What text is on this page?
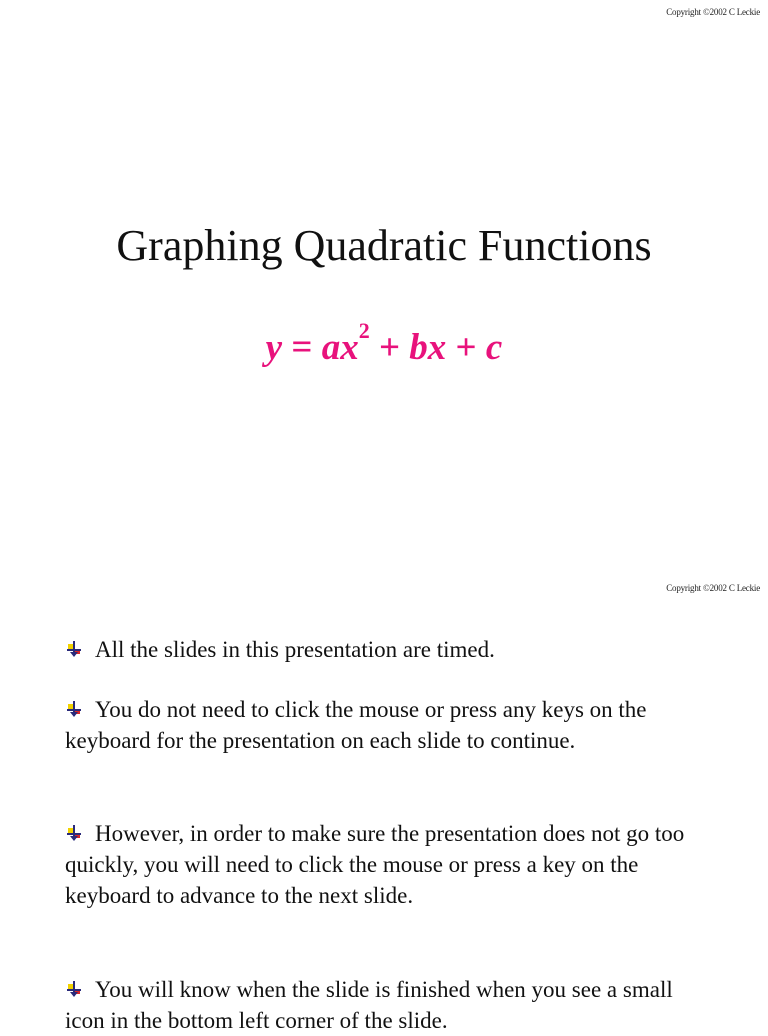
Copyright ©2002 C Leckie
Graphing Quadratic Functions
$y = ax^2$ + bx + c
Copyright ©2002 C Leckie
All the slides in this presentation are timed.
You do not need to click the mouse or press any keys on the keyboard for the presentation on each slide to continue.
However, in order to make sure the presentation does not go too quickly, you will need to click the mouse or press a key on the keyboard to advance to the next slide.
You will know when the slide is finished when you see a small icon in the bottom left corner of the slide.
